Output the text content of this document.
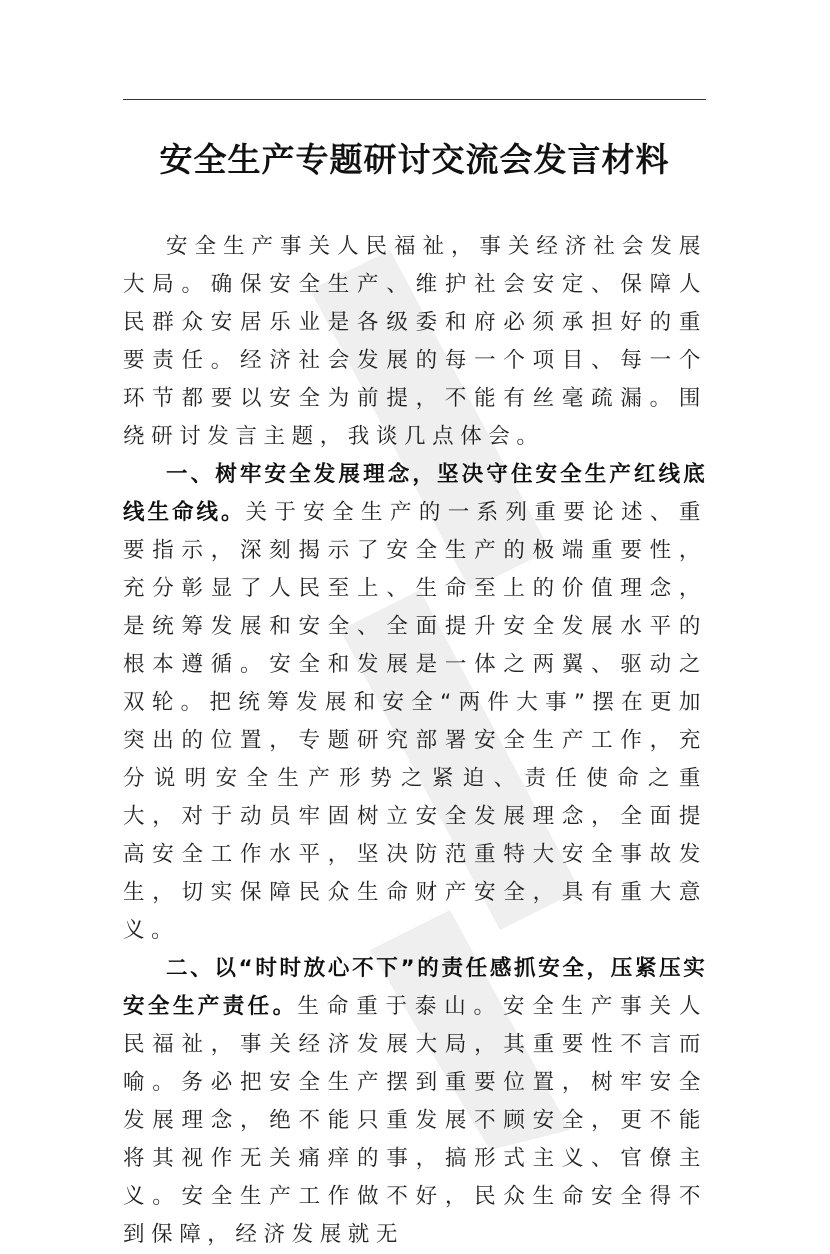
安全生产专题研讨交流会发言材料

安全生产事关人民福祉，事关经济社会发展大局。确保安全生产、维护社会安定、保障人民群众安居乐业是各级委和府必须承担好的重要责任。经济社会发展的每一个项目、每一个环节都要以安全为前提，不能有丝毫疏漏。围绕研讨发言主题，我谈几点体会。

一、树牢安全发展理念，坚决守住安全生产红线底线生命线。关于安全生产的一系列重要论述、重要指示，深刻揭示了安全生产的极端重要性，充分彰显了人民至上、生命至上的价值理念，是统筹发展和安全、全面提升安全发展水平的根本遵循。安全和发展是一体之两翼、驱动之双轮。把统筹发展和安全“两件大事”摆在更加突出的位置，专题研究部署安全生产工作，充分说明安全生产形势之紧迫、责任使命之重大，对于动员牢固树立安全发展理念，全面提高安全工作水平，坚决防范重特大安全事故发生，切实保障民众生命财产安全，具有重大意义。

二、以“时时放心不下”的责任感抓安全，压紧压实安全生产责任。生命重于泰山。安全生产事关人民福祉，事关经济发展大局，其重要性不言而喻。务必把安全生产摆到重要位置，树牢安全发展理念，绝不能只重发展不顾安全，更不能将其视作无关痛痒的事，搞形式主义、官僚主义。安全生产工作做不好，民众生命安全得不到保障，经济发展就无
